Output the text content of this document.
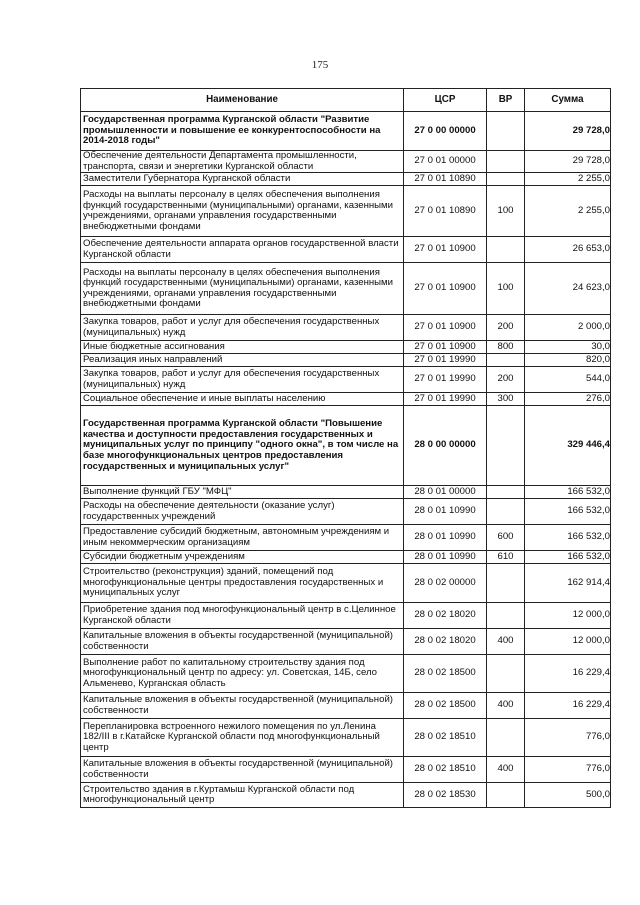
175
Наименование	ЦСР	ВР	Сумма
Государственная программа Курганской области "Развитие промышленности и повышение ее конкурентоспособности на 2014-2018 годы"	27 0 00 00000		29 728,0
Обеспечение деятельности Департамента промышленности, транспорта, связи и энергетики Курганской области	27 0 01 00000		29 728,0
Заместители Губернатора Курганской области	27 0 01 10890		2 255,0
Расходы на выплаты персоналу в целях обеспечения выполнения функций государственными (муниципальными) органами, казенными учреждениями, органами управления государственными внебюджетными фондами	27 0 01 10890	100	2 255,0
Обеспечение деятельности аппарата органов государственной власти Курганской области	27 0 01 10900		26 653,0
Расходы на выплаты персоналу в целях обеспечения выполнения функций государственными (муниципальными) органами, казенными учреждениями, органами управления государственными внебюджетными фондами	27 0 01 10900	100	24 623,0
Закупка товаров, работ и услуг для обеспечения государственных (муниципальных) нужд	27 0 01 10900	200	2 000,0
Иные бюджетные ассигнования	27 0 01 10900	800	30,0
Реализация иных направлений	27 0 01 19990		820,0
Закупка товаров, работ и услуг для обеспечения государственных (муниципальных) нужд	27 0 01 19990	200	544,0
Социальное обеспечение и иные выплаты населению	27 0 01 19990	300	276,0
Государственная программа Курганской области "Повышение качества и доступности предоставления государственных и муниципальных услуг по принципу "одного окна", в том числе на базе многофункциональных центров предоставления государственных и муниципальных услуг"	28 0 00 00000		329 446,4
Выполнение функций ГБУ "МФЦ"	28 0 01 00000		166 532,0
Расходы на обеспечение деятельности (оказание услуг) государственных учреждений	28 0 01 10990		166 532,0
Предоставление субсидий бюджетным, автономным учреждениям и иным некоммерческим организациям	28 0 01 10990	600	166 532,0
Субсидии бюджетным учреждениям	28 0 01 10990	610	166 532,0
Строительство (реконструкция) зданий, помещений под многофункциональные центры предоставления государственных и муниципальных услуг	28 0 02 00000		162 914,4
Приобретение здания под многофункциональный центр в с.Целинное Курганской области	28 0 02 18020		12 000,0
Капитальные вложения в объекты государственной (муниципальной) собственности	28 0 02 18020	400	12 000,0
Выполнение работ по капитальному строительству здания под многофункциональный центр по адресу: ул. Советская, 14Б, село Альменево, Курганская область	28 0 02 18500		16 229,4
Капитальные вложения в объекты государственной (муниципальной) собственности	28 0 02 18500	400	16 229,4
Перепланировка встроенного нежилого помещения по ул.Ленина 182/III в г.Катайске Курганской области под многофункциональный центр	28 0 02 18510		776,0
Капитальные вложения в объекты государственной (муниципальной) собственности	28 0 02 18510	400	776,0
Строительство здания в г.Куртамыш Курганской области под многофункциональный центр	28 0 02 18530		500,0
